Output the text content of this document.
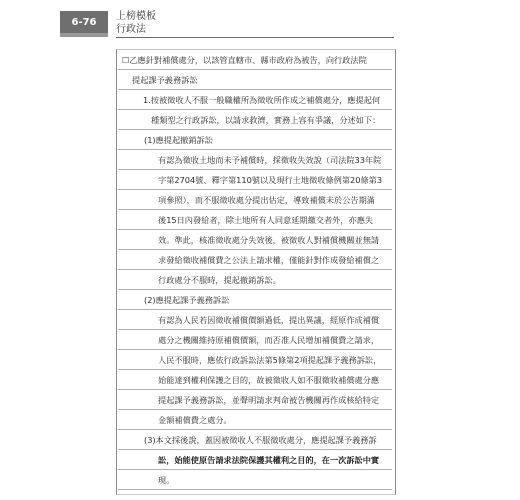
6-76 上榜模板
行政法
☐乙應針對補償處分，以該管直轄市、縣市政府為被告，向行政法院
提起課予義務訴訟
1.按被徵收人不服一般職權所為徵收所作成之補償處分，應提起何
種類型之行政訴訟，以請求救濟，實務上容有爭議，分述如下：
(1)應提起撤銷訴訟
有認為徵收土地而未予補償時，採徵收失效說（司法院33年院
字第2704號、釋字第110號以及現行土地徵收條例第20條第3
項參照），而不服徵收處分提出估定，導致補償未於公告期滿
後15日內發給者，除土地所有人同意延期繳交者外，亦應失
效。準此，核准徵收處分失效後，被徵收人對補償機關並無請
求發給徵收補償費之公法上請求權，僅能針對作成發給補償之
行政處分不服時，提起撤銷訴訟。
(2)應提起課予義務訴訟
有認為人民若因徵收補償價額過低，提出異議，經原作成補償
處分之機關維持原補償價額，而否准人民增加補償費之請求，
人民不服時，應依行政訴訟法第5條第2項提起課予義務訴訟，
始能達到權利保護之目的，故被徵收人如不服徵收補償處分應
提起課予義務訴訟，並聲明請求判命被告機關再作成核給特定
金額補償費之處分。
(3)本文採後說，蓋因被徵收人不服徵收處分，應提起課予義務訴
訟，始能使原告請求法院保護其權利之目的，在一次訴訟中實
現。
